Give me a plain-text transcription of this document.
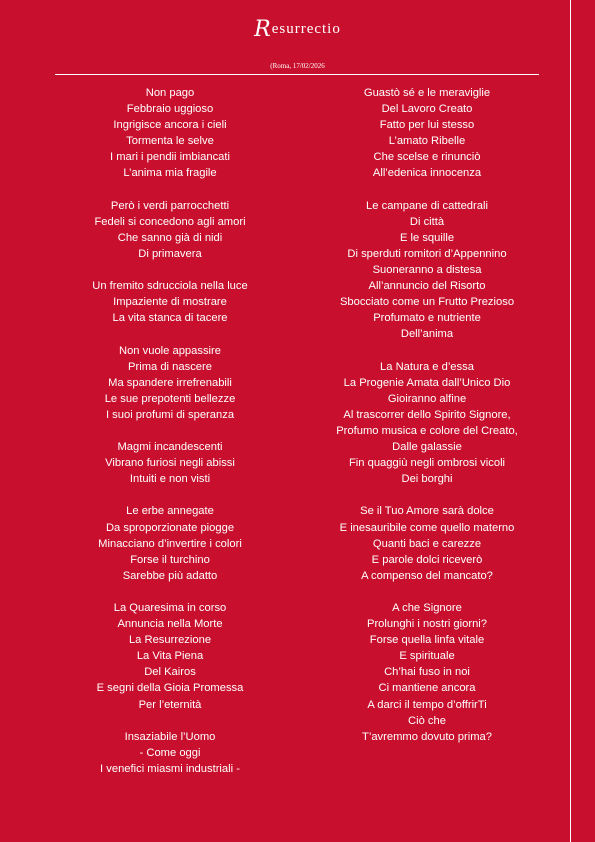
Resurrectio
(Roma, 17/02/2026
Non pago
Febbraio uggioso
Ingrigisce ancora i cieli
Tormenta le selve
I mari i pendii imbiancati
L’anima mia fragile
Però i verdi parrocchetti
Fedeli si concedono agli amori
Che sanno già di nidi
Di primavera
Un fremito sdrucciola nella luce
Impaziente di mostrare
La vita stanca di tacere
Non vuole appassire
Prima di nascere
Ma spandere irrefrenabili
Le sue prepotenti bellezze
I suoi profumi di speranza
Magmi incandescenti
Vibrano furiosi negli abissi
Intuiti e non visti
Le erbe annegate
Da sproporzionate piogge
Minacciano d’invertire i colori
Forse il turchino
Sarebbe più adatto
La Quaresima in corso
Annuncia nella Morte
La Resurrezione
La Vita Piena
Del Kairos
E segni della Gioia Promessa
Per l’eternità
Insaziabile l’Uomo
- Come oggi
I venefici miasmi industriali -
Guastò sé e le meraviglie
Del Lavoro Creato
Fatto per lui stesso
L’amato Ribelle
Che scelse e rinunciò
All’edenica innocenza
Le campane di cattedrali
Di città
E le squille
Di sperduti romitori d’Appennino
Suoneranno a distesa
All’annuncio del Risorto
Sbocciato come un Frutto Prezioso
Profumato e nutriente
Dell’anima
La Natura e d’essa
La Progenie Amata dall’Unico Dio
Gioiranno alfine
Al trascorrer dello Spirito Signore,
Profumo musica e colore del Creato,
Dalle galassie
Fin quaggiù negli ombrosi vicoli
Dei borghi
Se il Tuo Amore sarà dolce
E inesauribile come quello materno
Quanti baci e carezze
E parole dolci riceverò
A compenso del mancato?
A che Signore
Prolunghi i nostri giorni?
Forse quella linfa vitale
E spirituale
Ch’hai fuso in noi
Ci mantiene ancora
A darci il tempo d’offrirTi
Ciò che
T’avremmo dovuto prima?
